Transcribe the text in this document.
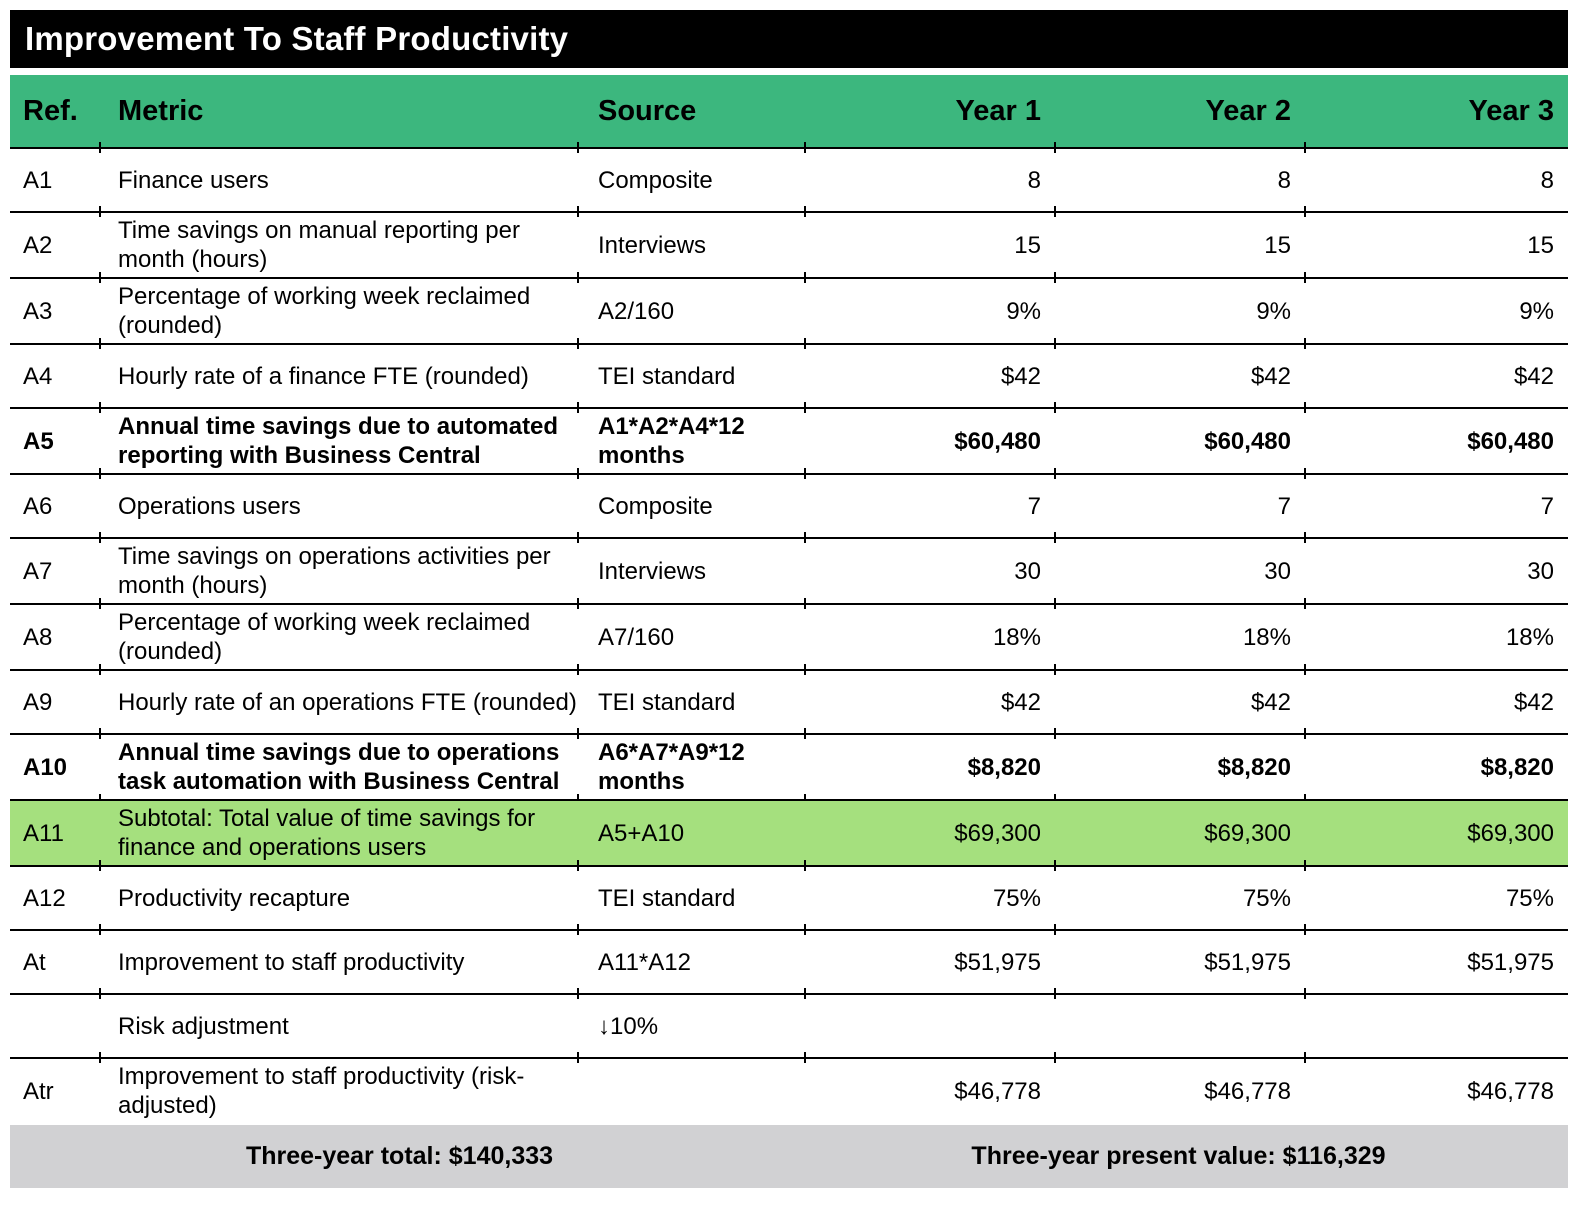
Improvement To Staff Productivity
Ref.	Metric	Source	Year 1	Year 2	Year 3
A1	Finance users	Composite	8	8	8
A2	Time savings on manual reporting per month (hours)	Interviews	15	15	15
A3	Percentage of working week reclaimed (rounded)	A2/160	9%	9%	9%
A4	Hourly rate of a finance FTE (rounded)	TEI standard	$42	$42	$42
A5	Annual time savings due to automated reporting with Business Central	A1*A2*A4*12 months	$60,480	$60,480	$60,480
A6	Operations users	Composite	7	7	7
A7	Time savings on operations activities per month (hours)	Interviews	30	30	30
A8	Percentage of working week reclaimed (rounded)	A7/160	18%	18%	18%
A9	Hourly rate of an operations FTE (rounded)	TEI standard	$42	$42	$42
A10	Annual time savings due to operations task automation with Business Central	A6*A7*A9*12 months	$8,820	$8,820	$8,820
A11	Subtotal: Total value of time savings for finance and operations users	A5+A10	$69,300	$69,300	$69,300
A12	Productivity recapture	TEI standard	75%	75%	75%
At	Improvement to staff productivity	A11*A12	$51,975	$51,975	$51,975
	Risk adjustment	↓10%			
Atr	Improvement to staff productivity (risk-adjusted)		$46,778	$46,778	$46,778
Three-year total: $140,333	Three-year present value: $116,329
